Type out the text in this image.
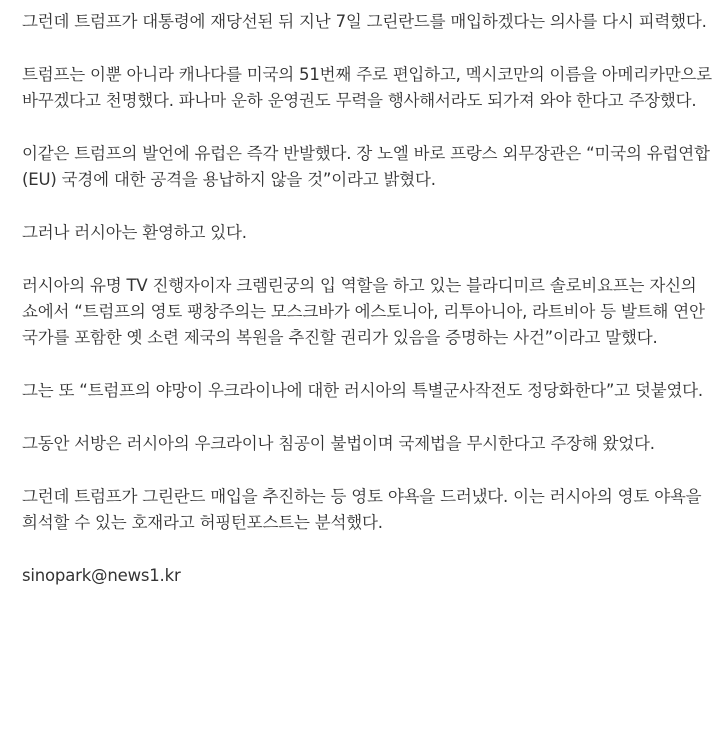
그런데 트럼프가 대통령에 재당선된 뒤 지난 7일 그린란드를 매입하겠다는 의사를 다시 피력했다.

트럼프는 이뿐 아니라 캐나다를 미국의 51번째 주로 편입하고, 멕시코만의 이름을 아메리카만으로 바꾸겠다고 천명했다. 파나마 운하 운영권도 무력을 행사해서라도 되가져 와야 한다고 주장했다.

이같은 트럼프의 발언에 유럽은 즉각 반발했다. 장 노엘 바로 프랑스 외무장관은 “미국의 유럽연합(EU) 국경에 대한 공격을 용납하지 않을 것”이라고 밝혔다.

그러나 러시아는 환영하고 있다.

러시아의 유명 TV 진행자이자 크렘린궁의 입 역할을 하고 있는 블라디미르 솔로비요프는 자신의 쇼에서 “트럼프의 영토 팽창주의는 모스크바가 에스토니아, 리투아니아, 라트비아 등 발트해 연안 국가를 포함한 옛 소련 제국의 복원을 추진할 권리가 있음을 증명하는 사건”이라고 말했다.

그는 또 “트럼프의 야망이 우크라이나에 대한 러시아의 특별군사작전도 정당화한다”고 덧붙였다.

그동안 서방은 러시아의 우크라이나 침공이 불법이며 국제법을 무시한다고 주장해 왔었다.

그런데 트럼프가 그린란드 매입을 추진하는 등 영토 야욕을 드러냈다. 이는 러시아의 영토 야욕을 희석할 수 있는 호재라고 허핑턴포스트는 분석했다.

sinopark@news1.kr
